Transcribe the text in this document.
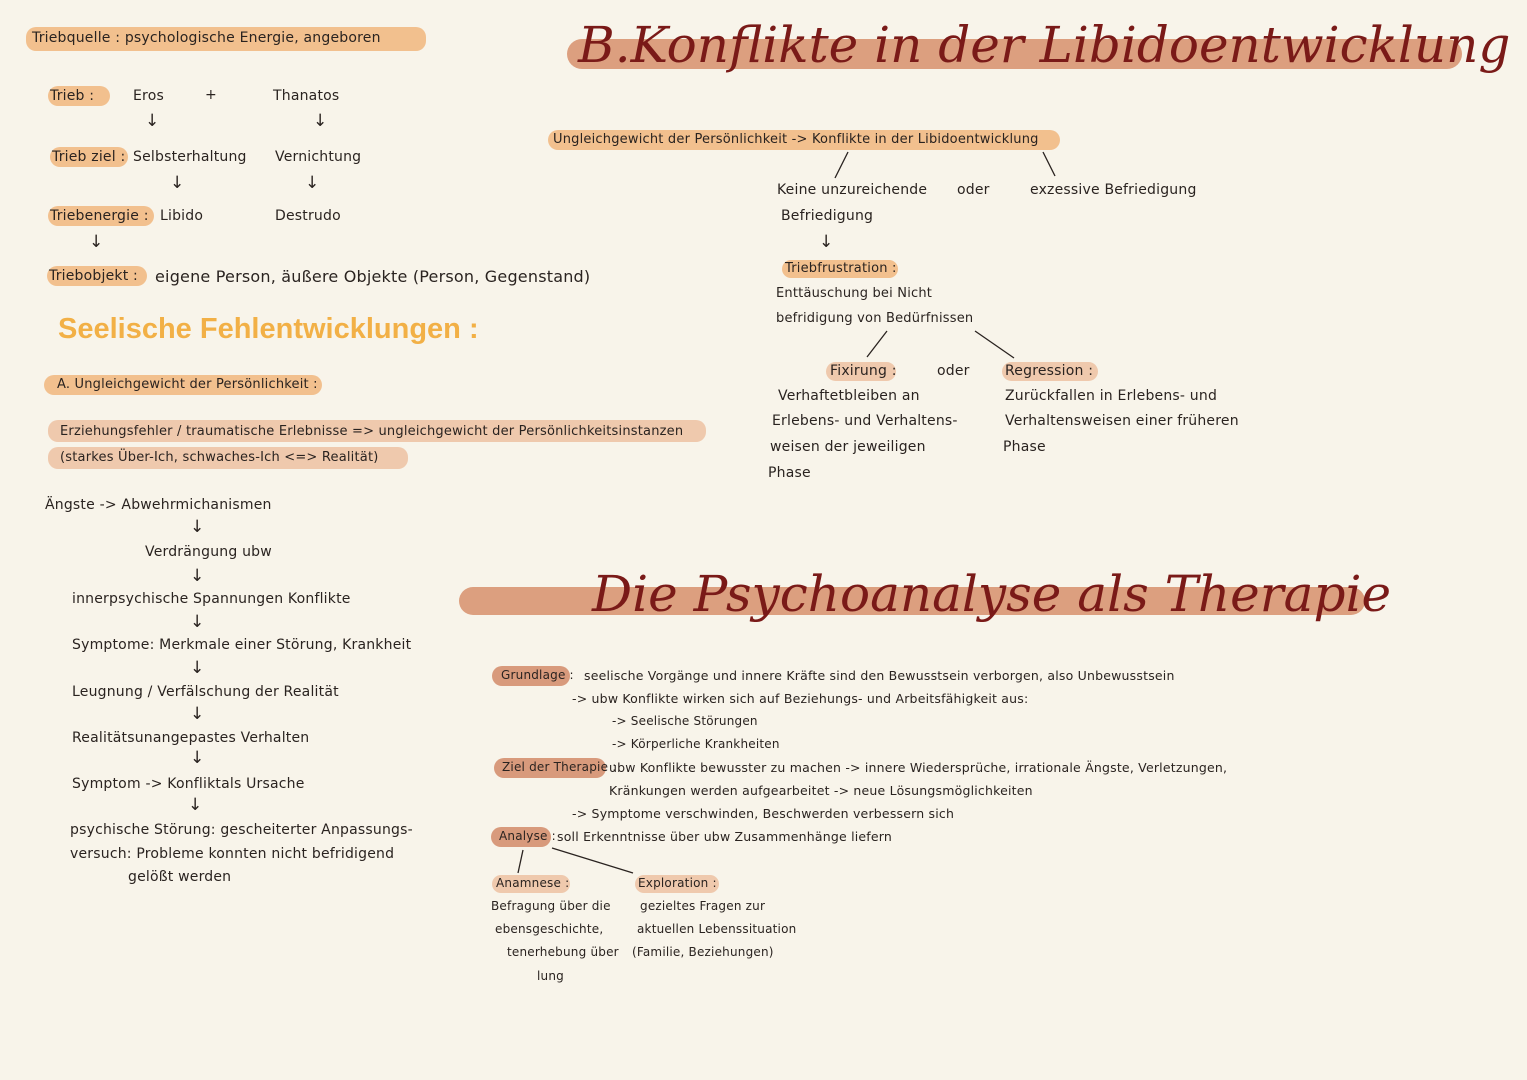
Triebquelle : psychologische Energie, angeboren
Trieb :	Eros	+	Thanatos
↓	↓
Trieb ziel : Selbsterhaltung Vernichtung
↓	↓
Triebenergie : Libido	Destrudo
↓
Triebobjekt : eigene Person, äußere Objekte (Person, Gegenstand)
Seelische Fehlentwicklungen :
A. Ungleichgewicht der Persönlichkeit :
Erziehungsfehler / traumatische Erlebnisse => ungleichgewicht der Persönlichkeitsinstanzen
(starkes Über-Ich, schwaches-Ich <=> Realität)
Ängste -> Abwehrmichanismen
↓
Verdrängung ubw
↓
innerpsychische Spannungen Konflikte
↓
Symptome: Merkmale einer Störung, Krankheit
↓
Leugnung / Verfälschung der Realität
↓
Realitätsunangepastes Verhalten
↓
Symptom -> Konfliktals Ursache
↓
psychische Störung: gescheiterter Anpassungs-
versuch: Probleme konnten nicht befridigend
gelößt werden
B.Konflikte in der Libidoentwicklung
Ungleichgewicht der Persönlichkeit -> Konflikte in der Libidoentwicklung
Keine unzureichende
Befriedigung
oder	exzessive Befriedigung
↓
Triebfrustration :
Enttäuschung bei Nicht
befridigung von Bedürfnissen
Fixirung :	oder	Regression :
Verhaftetbleiben an
Erlebens- und Verhaltens-
weisen der jeweiligen
Phase
Zurückfallen in Erlebens- und
Verhaltensweisen einer früheren
Phase
Die Psychoanalyse als Therapie
Grundlage : seelische Vorgänge und innere Kräfte sind den Bewusstsein verborgen, also Unbewusstsein
-> ubw Konflikte wirken sich auf Beziehungs- und Arbeitsfähigkeit aus:
-> Seelische Störungen
-> Körperliche Krankheiten
Ziel der Therapie :
ubw Konflikte bewusster zu machen -> innere Wiedersprüche, irrationale Ängste, Verletzungen,
Kränkungen werden aufgearbeitet -> neue Lösungsmöglichkeiten
-> Symptome verschwinden, Beschwerden verbessern sich
Analyse : soll Erkenntnisse über ubw Zusammenhänge liefern
Anamnese :
Befragung über die
ebensgeschichte,
tenerhebung über
lung
Exploration :
gezieltes Fragen zur
aktuellen Lebenssituation
(Familie, Beziehungen)
